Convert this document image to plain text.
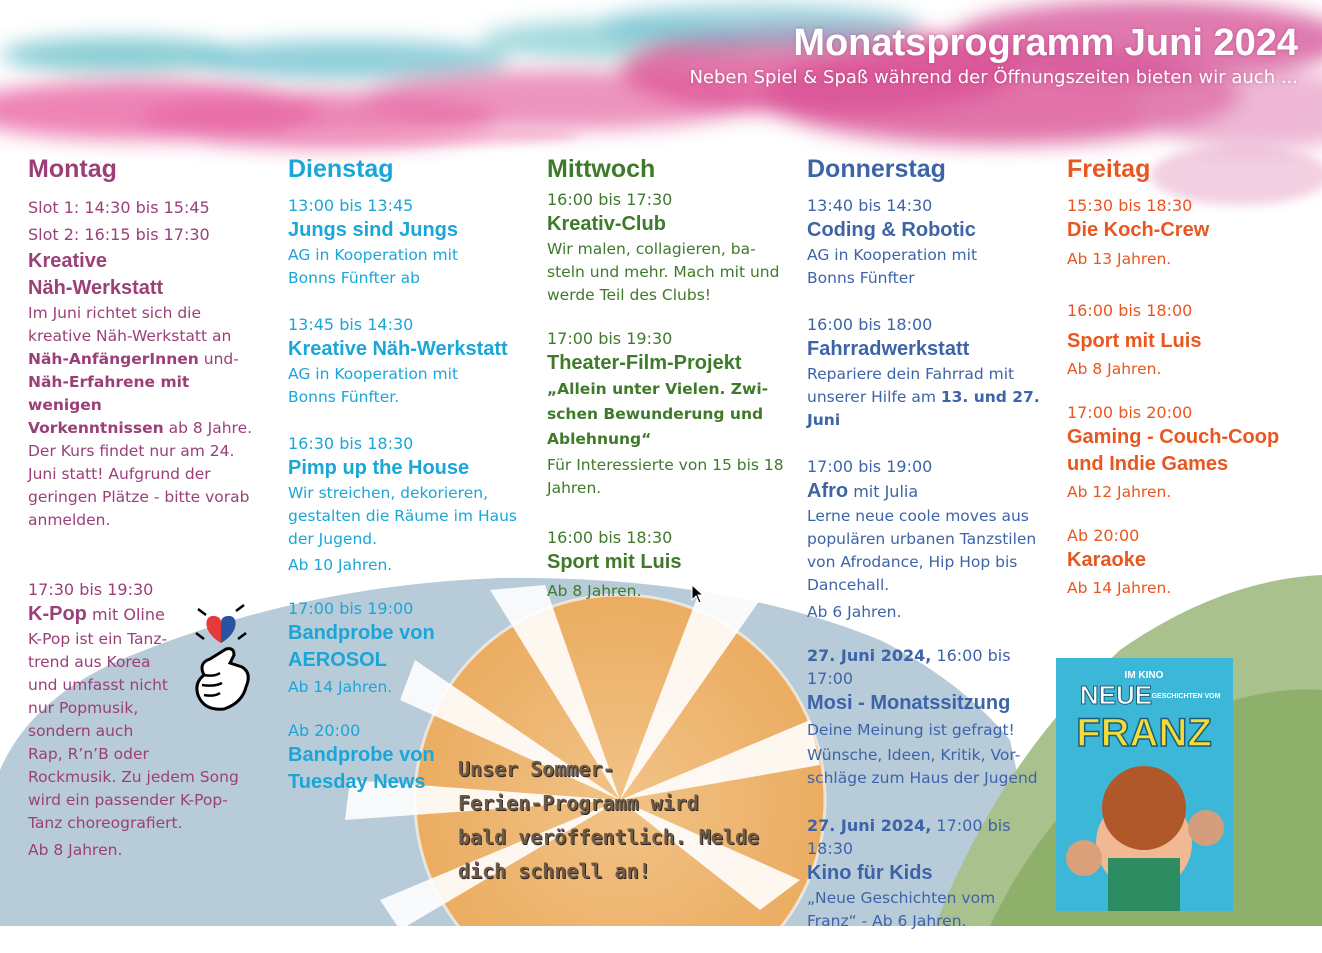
Monatsprogramm Juni 2024
Neben Spiel & Spaß während der Öffnungszeiten bieten wir auch ...
Montag
Slot 1: 14:30 bis 15:45
Slot 2: 16:15 bis 17:30
Kreative
Näh-Werkstatt
Im Juni richtet sich die
kreative Näh-Werkstatt an
Näh-AnfängerInnen und-
Näh-Erfahrene mit wenigen
Vorkenntnissen ab 8 Jahre.
Der Kurs findet nur am 24.
Juni statt! Aufgrund der
geringen Plätze - bitte vorab
anmelden.
17:30 bis 19:30
K-Pop mit Oline
K-Pop ist ein Tanz-
trend aus Korea
und umfasst nicht
nur Popmusik,
sondern auch
Rap, R’n’B oder
Rockmusik. Zu jedem Song
wird ein passender K-Pop-
Tanz choreografiert.
Ab 8 Jahren.
Dienstag
13:00 bis 13:45
Jungs sind Jungs
AG in Kooperation mit
Bonns Fünfter ab
13:45 bis 14:30
Kreative Näh-Werkstatt
AG in Kooperation mit
Bonns Fünfter.
16:30 bis 18:30
Pimp up the House
Wir streichen, dekorieren,
gestalten die Räume im Haus
der Jugend.
Ab 10 Jahren.
17:00 bis 19:00
Bandprobe von
AEROSOL
Ab 14 Jahren.
Ab 20:00
Bandprobe von
Tuesday News
Mittwoch
16:00 bis 17:30
Kreativ-Club
Wir malen, collagieren, ba-
steln und mehr. Mach mit und
werde Teil des Clubs!
17:00 bis 19:30
Theater-Film-Projekt
„Allein unter Vielen. Zwi-
schen Bewunderung und
Ablehnung“
Für Interessierte von 15 bis 18
Jahren.
16:00 bis 18:30
Sport mit Luis
Ab 8 Jahren.
Donnerstag
13:40 bis 14:30
Coding & Robotic
AG in Kooperation mit
Bonns Fünfter
16:00 bis 18:00
Fahrradwerkstatt
Repariere dein Fahrrad mit
unserer Hilfe am 13. und 27.
Juni
17:00 bis 19:00
Afro mit Julia
Lerne neue coole moves aus
populären urbanen Tanzstilen
von Afrodance, Hip Hop bis
Dancehall.
Ab 6 Jahren.
27. Juni 2024, 16:00 bis 17:00
Mosi - Monatssitzung
Deine Meinung ist gefragt!
Wünsche, Ideen, Kritik, Vor-
schläge zum Haus der Jugend
27. Juni 2024, 17:00 bis 18:30
Kino für Kids
„Neue Geschichten vom
Franz“ - Ab 6 Jahren.
Freitag
15:30 bis 18:30
Die Koch-Crew
Ab 13 Jahren.
16:00 bis 18:00
Sport mit Luis
Ab 8 Jahren.
17:00 bis 20:00
Gaming - Couch-Coop
und Indie Games
Ab 12 Jahren.
Ab 20:00
Karaoke
Ab 14 Jahren.
IM KINO
NEUE GESCHICHTEN VOM
FRANZ
Unser Sommer-
Ferien-Programm wird
bald veröffentlich. Melde
dich schnell an!
